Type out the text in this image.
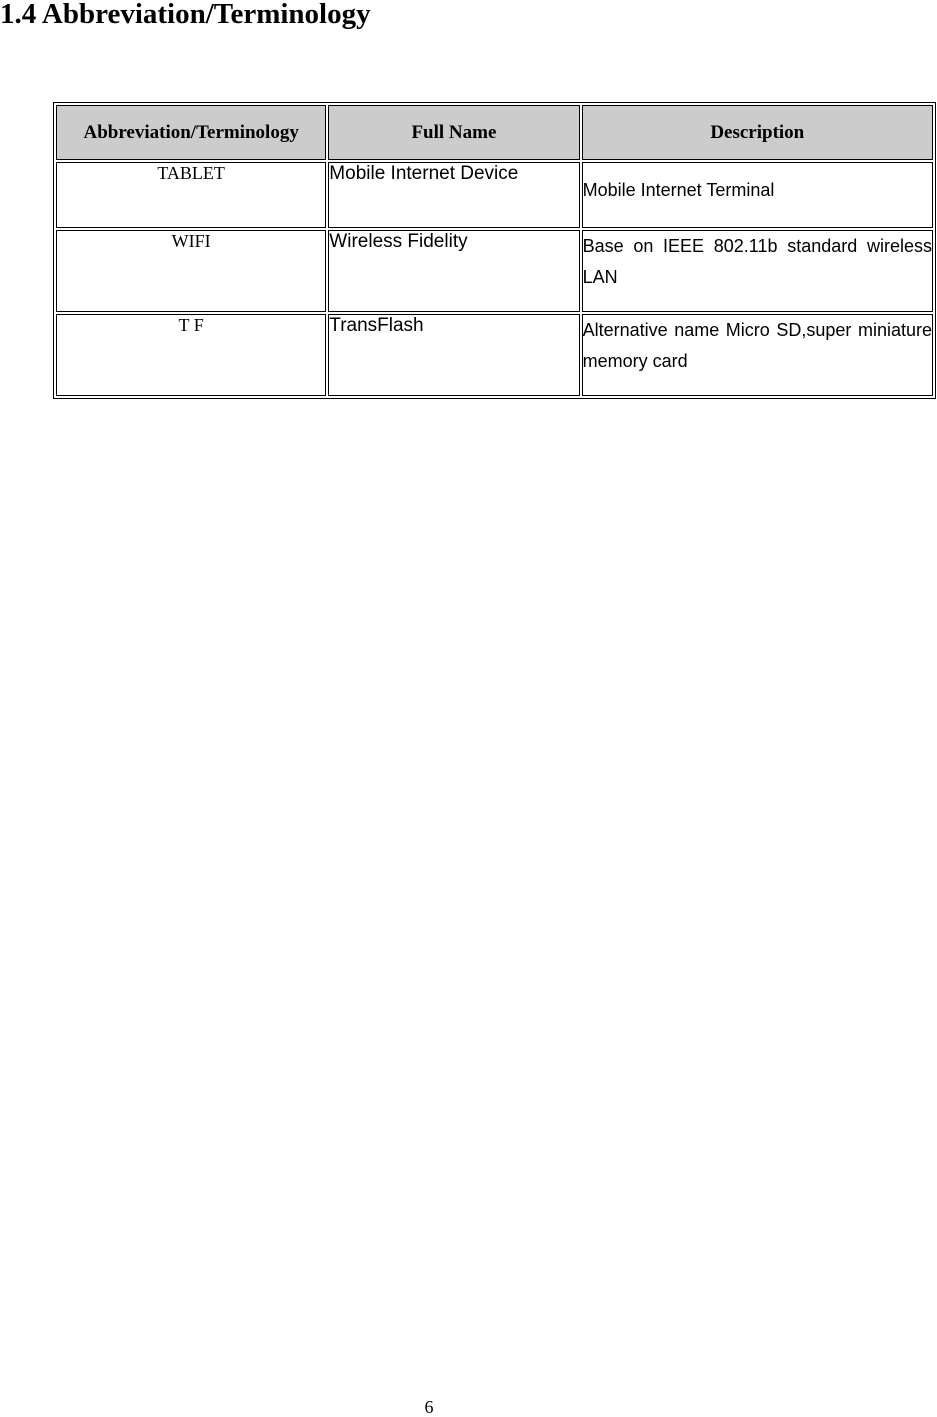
1.4 Abbreviation/Terminology
Abbreviation/Terminology	Full Name	Description
TABLET	Mobile Internet Device	Mobile Internet Terminal
WIFI	Wireless Fidelity	Base on IEEE 802.11b standard wireless LAN
T F	TransFlash	Alternative name Micro SD,super miniature memory card
6
